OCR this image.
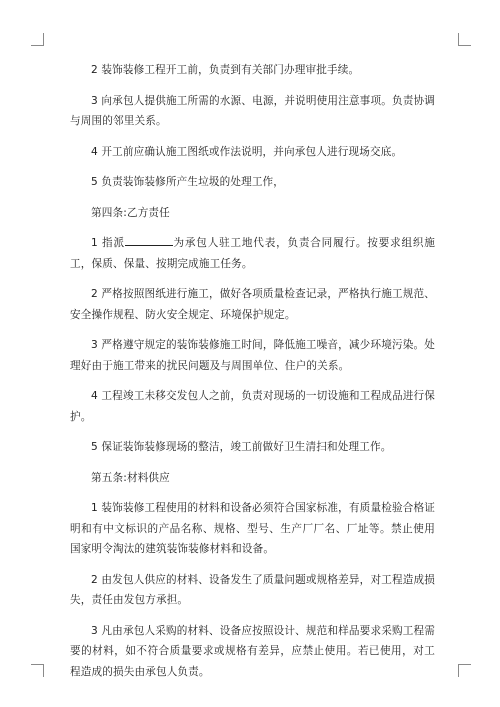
2 装饰装修工程开工前，负责到有关部门办理审批手续。

3 向承包人提供施工所需的水源、电源，并说明使用注意事项。负责协调与周围的邻里关系。

4 开工前应确认施工图纸或作法说明，并向承包人进行现场交底。

5 负责装饰装修所产生垃圾的处理工作，

第四条:乙方责任

1 指派	为承包人驻工地代表，负责合同履行。按要求组织施工，保质、保量、按期完成施工任务。

2 严格按照图纸进行施工，做好各项质量检查记录，严格执行施工规范、安全操作规程、防火安全规定、环境保护规定。

3 严格遵守规定的装饰装修施工时间，降低施工噪音，减少环境污染。处理好由于施工带来的扰民问题及与周围单位、住户的关系。

4 工程竣工未移交发包人之前，负责对现场的一切设施和工程成品进行保护。

5 保证装饰装修现场的整洁，竣工前做好卫生清扫和处理工作。

第五条:材料供应

1 装饰装修工程使用的材料和设备必须符合国家标准，有质量检验合格证明和有中文标识的产品名称、规格、型号、生产厂厂名、厂址等。禁止使用国家明令淘汰的建筑装饰装修材料和设备。

2 由发包人供应的材料、设备发生了质量问题或规格差异，对工程造成损失，责任由发包方承担。

3 凡由承包人采购的材料、设备应按照设计、规范和样品要求采购工程需要的材料，如不符合质量要求或规格有差异，应禁止使用。若已使用，对工程造成的损失由承包人负责。
